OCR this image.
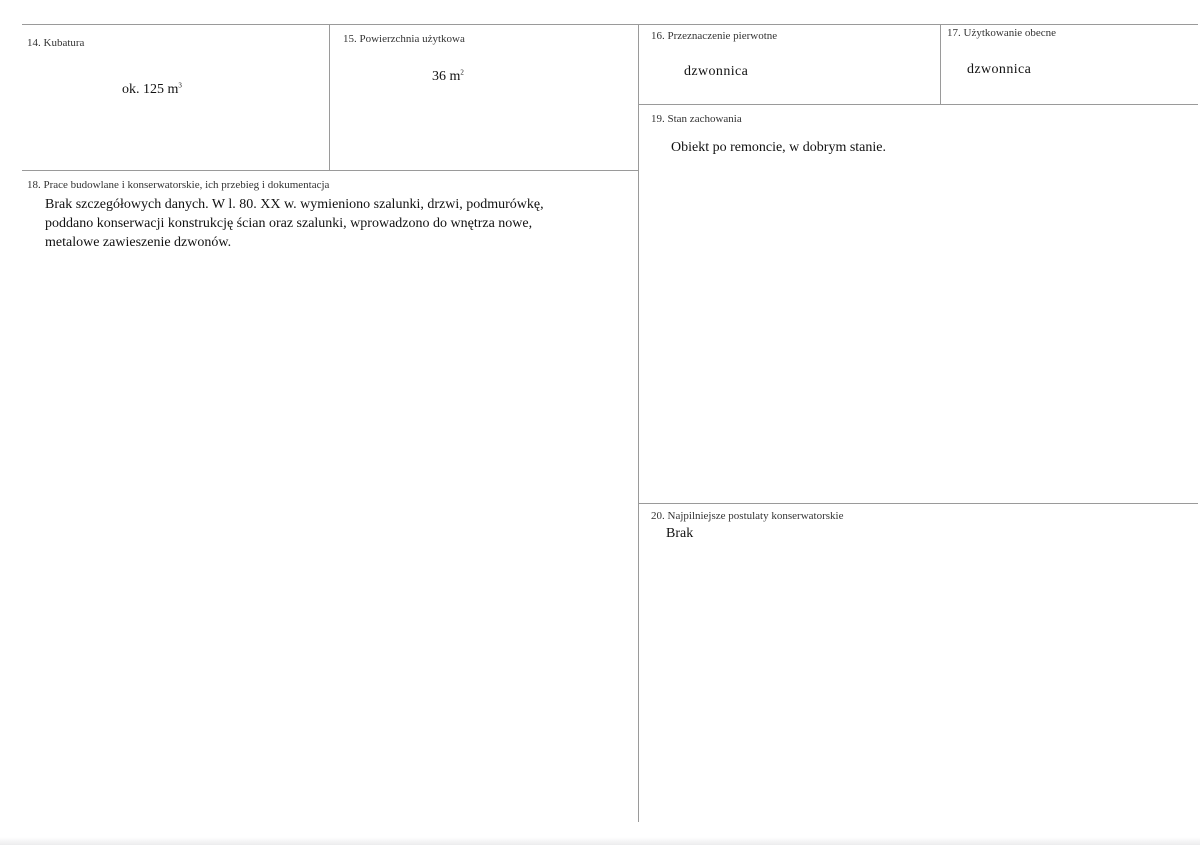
14. Kubatura
ok. 125 $m^3$
15. Powierzchnia użytkowa
36 $m^2$
16. Przeznaczenie pierwotne
dzwonnica
17. Użytkowanie obecne
dzwonnica
18. Prace budowlane i konserwatorskie, ich przebieg i dokumentacja
Brak szczegółowych danych. W l. 80. XX w. wymieniono szalunki, drzwi, podmurówkę,
poddano konserwacji konstrukcję ścian oraz szalunki, wprowadzono do wnętrza nowe,
metalowe zawieszenie dzwonów.
19. Stan zachowania
Obiekt po remoncie, w dobrym stanie.
20. Najpilniejsze postulaty konserwatorskie
Brak
